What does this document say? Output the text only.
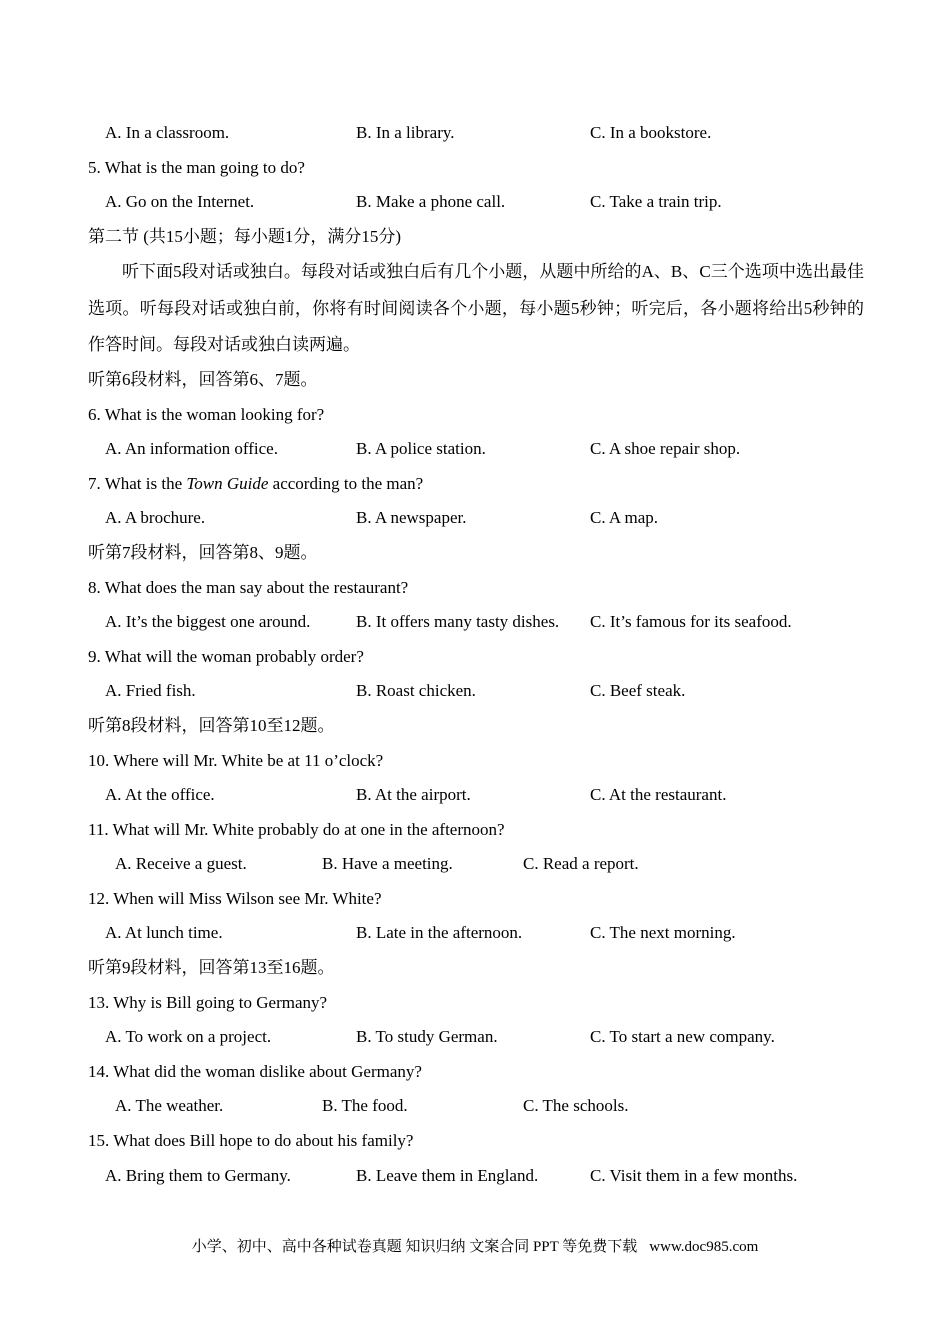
A. In a classroom.	B. In a library.	C. In a bookstore.
5. What is the man going to do?
A. Go on the Internet.	B. Make a phone call.	C. Take a train trip.
第二节 (共15小题；每小题1分，满分15分)
听下面5段对话或独白。每段对话或独白后有几个小题，从题中所给的A、B、C三个选项中选出最佳选项。听每段对话或独白前，你将有时间阅读各个小题，每小题5秒钟；听完后，各小题将给出5秒钟的作答时间。每段对话或独白读两遍。
听第6段材料，回答第6、7题。
6. What is the woman looking for?
A. An information office.	B. A police station.	C. A shoe repair shop.
7. What is the Town Guide according to the man?
A. A brochure.	B. A newspaper.	C. A map.
听第7段材料，回答第8、9题。
8. What does the man say about the restaurant?
A. It’s the biggest one around.	B. It offers many tasty dishes.	C. It’s famous for its seafood.
9. What will the woman probably order?
A. Fried fish.	B. Roast chicken.	C. Beef steak.
听第8段材料，回答第10至12题。
10. Where will Mr. White be at 11 o’clock?
A. At the office.	B. At the airport.	C. At the restaurant.
11. What will Mr. White probably do at one in the afternoon?
A. Receive a guest.	B. Have a meeting.	C. Read a report.
12. When will Miss Wilson see Mr. White?
A. At lunch time.	B. Late in the afternoon.	C. The next morning.
听第9段材料，回答第13至16题。
13. Why is Bill going to Germany?
A. To work on a project.	B. To study German.	C. To start a new company.
14. What did the woman dislike about Germany?
A. The weather.	B. The food.	C. The schools.
15. What does Bill hope to do about his family?
A. Bring them to Germany.	B. Leave them in England.	C. Visit them in a few months.
小学、初中、高中各种试卷真题 知识归纳 文案合同 PPT 等免费下载 www.doc985.com
